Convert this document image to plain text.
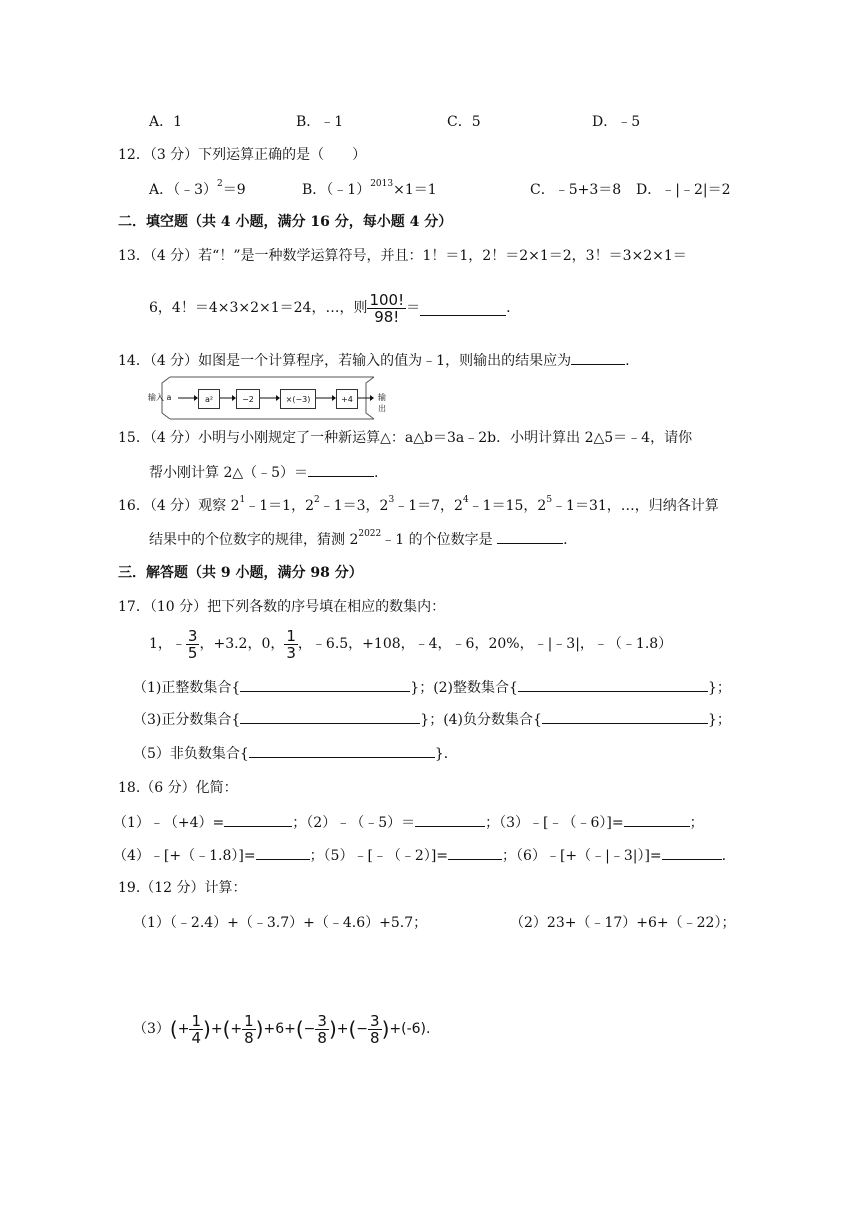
A．1	B．﹣1	C．5	D．﹣5
12．（3 分）下列运算正确的是（　　）
A．（﹣3）$^2$＝9	B．（﹣1）$^{2013}$×1＝1	C．﹣5+3＝8 D．﹣|﹣2|＝2
二．填空题（共 4 小题，满分 16 分，每小题 4 分）
13．（4 分）若“！”是一种数学运算符号，并且：1！＝1，2！＝2×1＝2，3！＝3×2×1＝
6，4！＝4×3×2×1＝24，…，则 $\frac{100!}{98!}$ ＝	.
14．（4 分）如图是一个计算程序，若输入的值为﹣1，则输出的结果应为	.
输入 a	a²	−2	×(−3)	+4	输出
15．（4 分）小明与小刚规定了一种新运算△：a△b＝3a﹣2b．小明计算出 2△5＝﹣4，请你
帮小刚计算 2△（﹣5）＝	.
16．（4 分）观察 $2^1﹣1=1$，$2^2﹣1=3$，$2^3﹣1=7$，$2^4﹣1=15$，$2^5﹣1=31$，…，归纳各计算
结果中的个位数字的规律，猜测 $2^{2022}﹣1$ 的个位数字是	.
三．解答题（共 9 小题，满分 98 分）
17．（10 分）把下列各数的序号填在相应的数集内：
1，﹣ $\frac{3}{5}$ ，+3.2，0， $\frac{1}{3}$ ，﹣6.5，+108，﹣4，﹣6，20%，﹣|﹣3|，﹣（﹣1.8）
（1)正整数集合{	}；(2)整数集合{	}；
（3)正分数集合{	}；(4)负分数集合{	}；
（5）非负数集合{	}．
18.（6 分）化简：
（1）﹣（+4）=	；（2）﹣（﹣5）＝	；（3）﹣[﹣（﹣6）]=	；
（4）﹣[+（﹣1.8）]=	；（5）﹣[﹣（﹣2）]=	；（6）﹣[+（﹣|﹣3|）]=	.
19.（12 分）计算：
（1）（﹣2.4）+（﹣3.7）+（﹣4.6）+5.7；	（2）23+（﹣17）+6+（﹣22）；
（3） ( + $\frac{1}{4}$ ) + ( + $\frac{1}{8}$ ) +6+ ( − $\frac{3}{8}$ ) + ( − $\frac{3}{8}$ ) + (-6).
